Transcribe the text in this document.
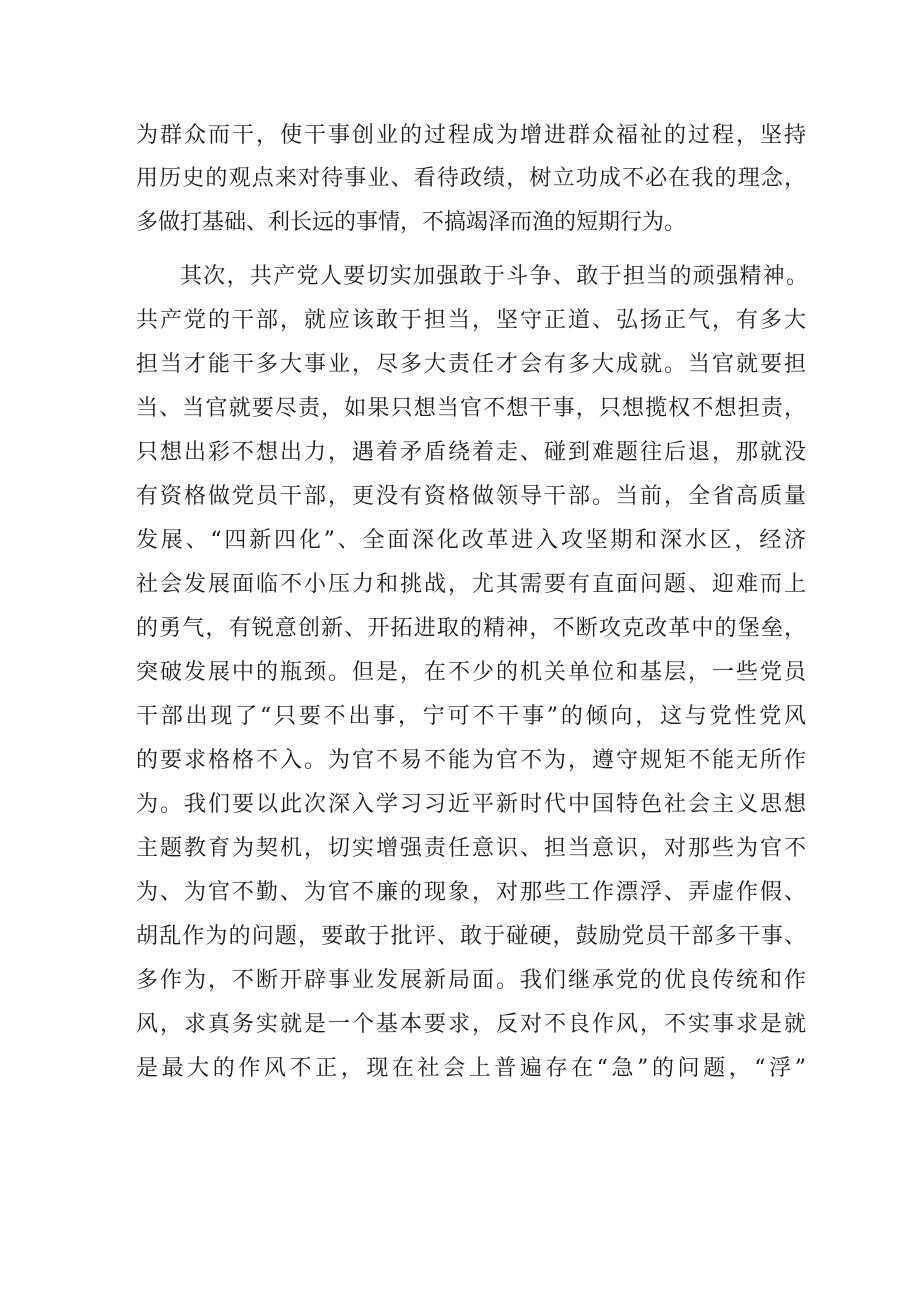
为群众而干，使干事创业的过程成为增进群众福祉的过程，坚持
用历史的观点来对待事业、看待政绩，树立功成不必在我的理念，
多做打基础、利长远的事情，不搞竭泽而渔的短期行为。
其次，共产党人要切实加强敢于斗争、敢于担当的顽强精神。
共产党的干部，就应该敢于担当，坚守正道、弘扬正气，有多大
担当才能干多大事业，尽多大责任才会有多大成就。当官就要担
当、当官就要尽责，如果只想当官不想干事，只想揽权不想担责，
只想出彩不想出力，遇着矛盾绕着走、碰到难题往后退，那就没
有资格做党员干部，更没有资格做领导干部。当前，全省高质量
发展、“四新四化”、全面深化改革进入攻坚期和深水区，经济
社会发展面临不小压力和挑战，尤其需要有直面问题、迎难而上
的勇气，有锐意创新、开拓进取的精神，不断攻克改革中的堡垒，
突破发展中的瓶颈。但是，在不少的机关单位和基层，一些党员
干部出现了“只要不出事，宁可不干事”的倾向，这与党性党风
的要求格格不入。为官不易不能为官不为，遵守规矩不能无所作
为。我们要以此次深入学习习近平新时代中国特色社会主义思想
主题教育为契机，切实增强责任意识、担当意识，对那些为官不
为、为官不勤、为官不廉的现象，对那些工作漂浮、弄虚作假、
胡乱作为的问题，要敢于批评、敢于碰硬，鼓励党员干部多干事、
多作为，不断开辟事业发展新局面。我们继承党的优良传统和作
风，求真务实就是一个基本要求，反对不良作风，不实事求是就
是最大的作风不正，现在社会上普遍存在“急”的问题，“浮”
